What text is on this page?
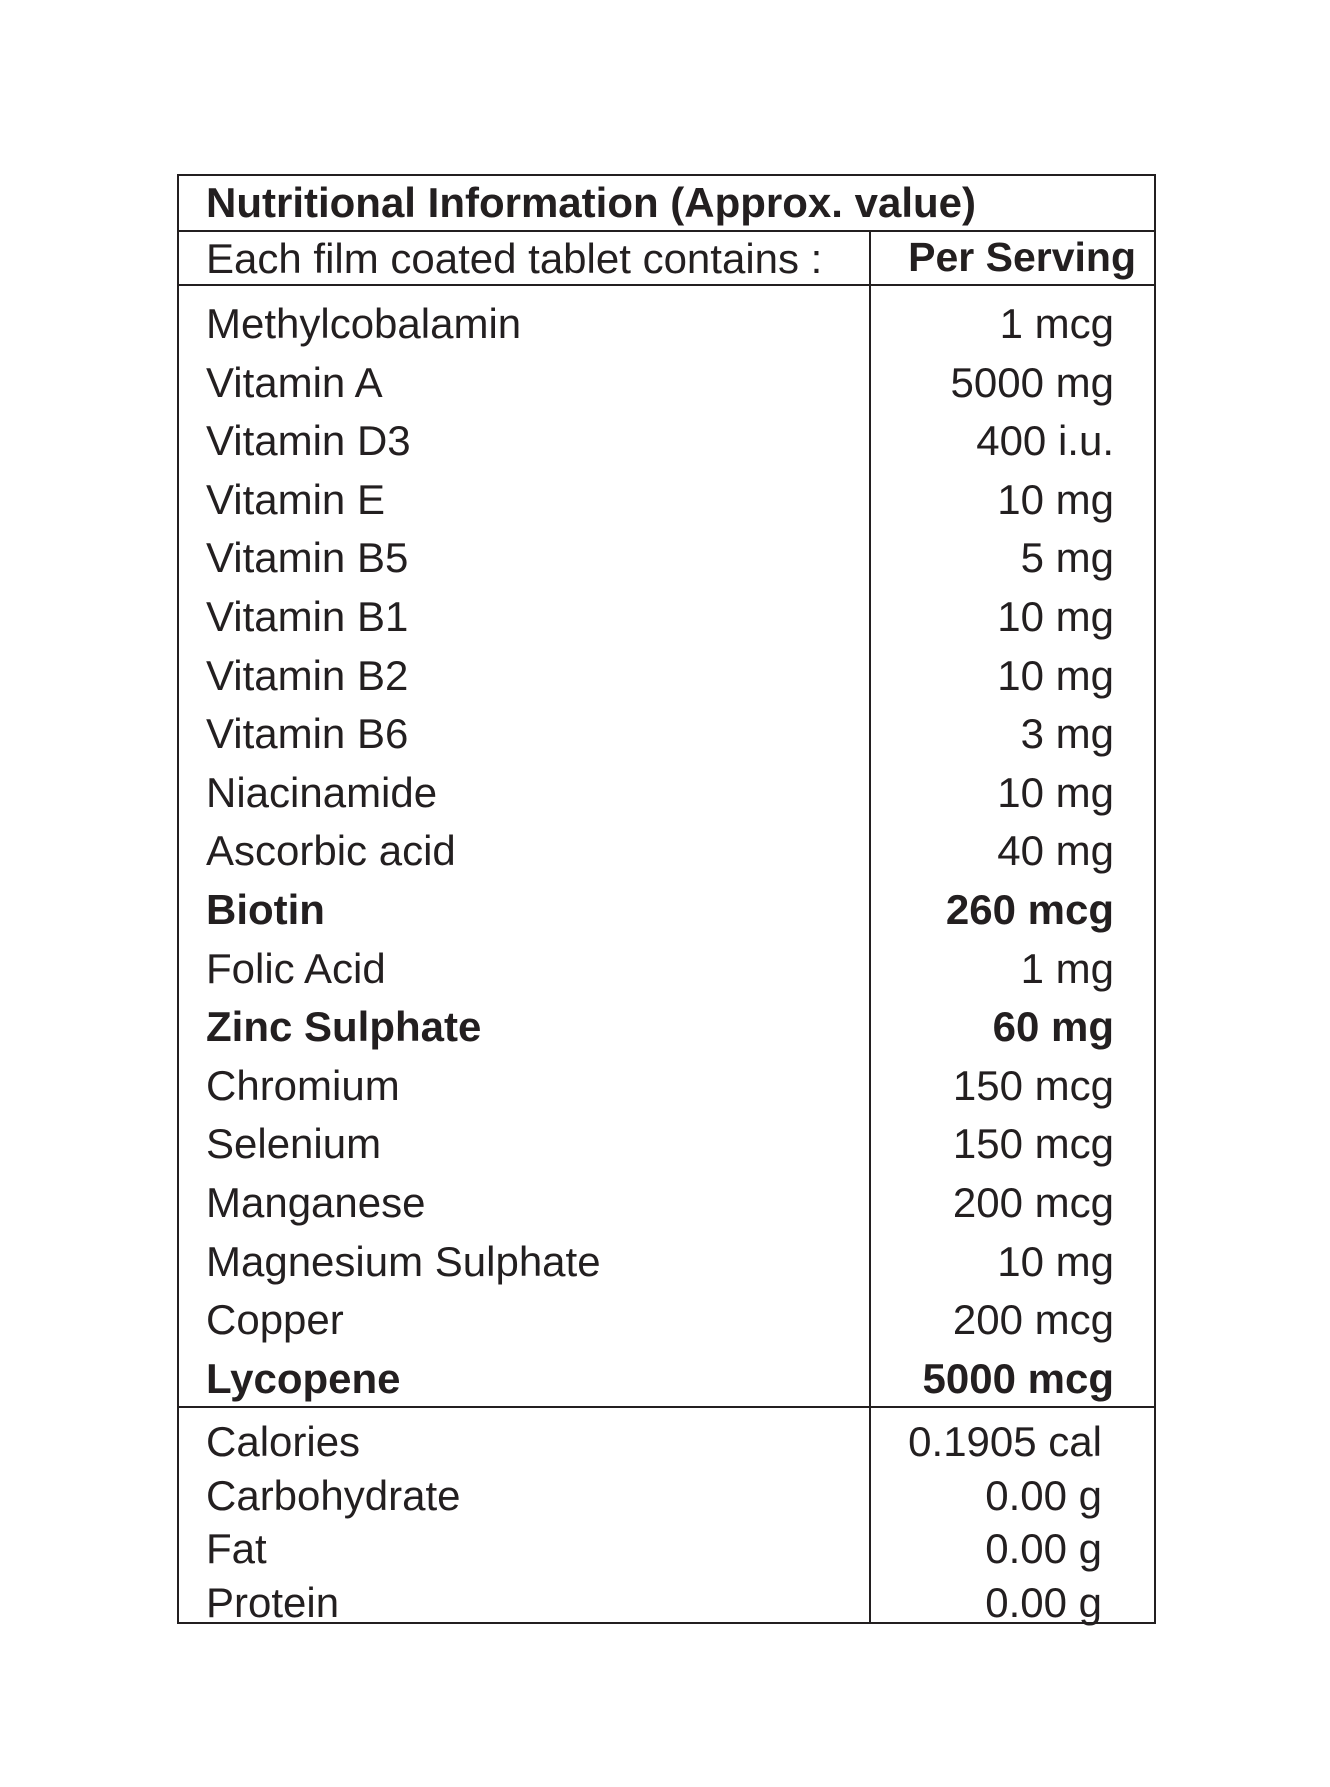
Nutritional Information (Approx. value)
Each film coated tablet contains : Per Serving
Methylcobalamin	1 mcg
Vitamin A	5000 mg
Vitamin D3	400 i.u.
Vitamin E	10 mg
Vitamin B5	5 mg
Vitamin B1	10 mg
Vitamin B2	10 mg
Vitamin B6	3 mg
Niacinamide	10 mg
Ascorbic acid	40 mg
Biotin	260 mcg
Folic Acid	1 mg
Zinc Sulphate	60 mg
Chromium	150 mcg
Selenium	150 mcg
Manganese	200 mcg
Magnesium Sulphate	10 mg
Copper	200 mcg
Lycopene	5000 mcg
Calories	0.1905 cal
Carbohydrate	0.00 g
Fat	0.00 g
Protein	0.00 g
